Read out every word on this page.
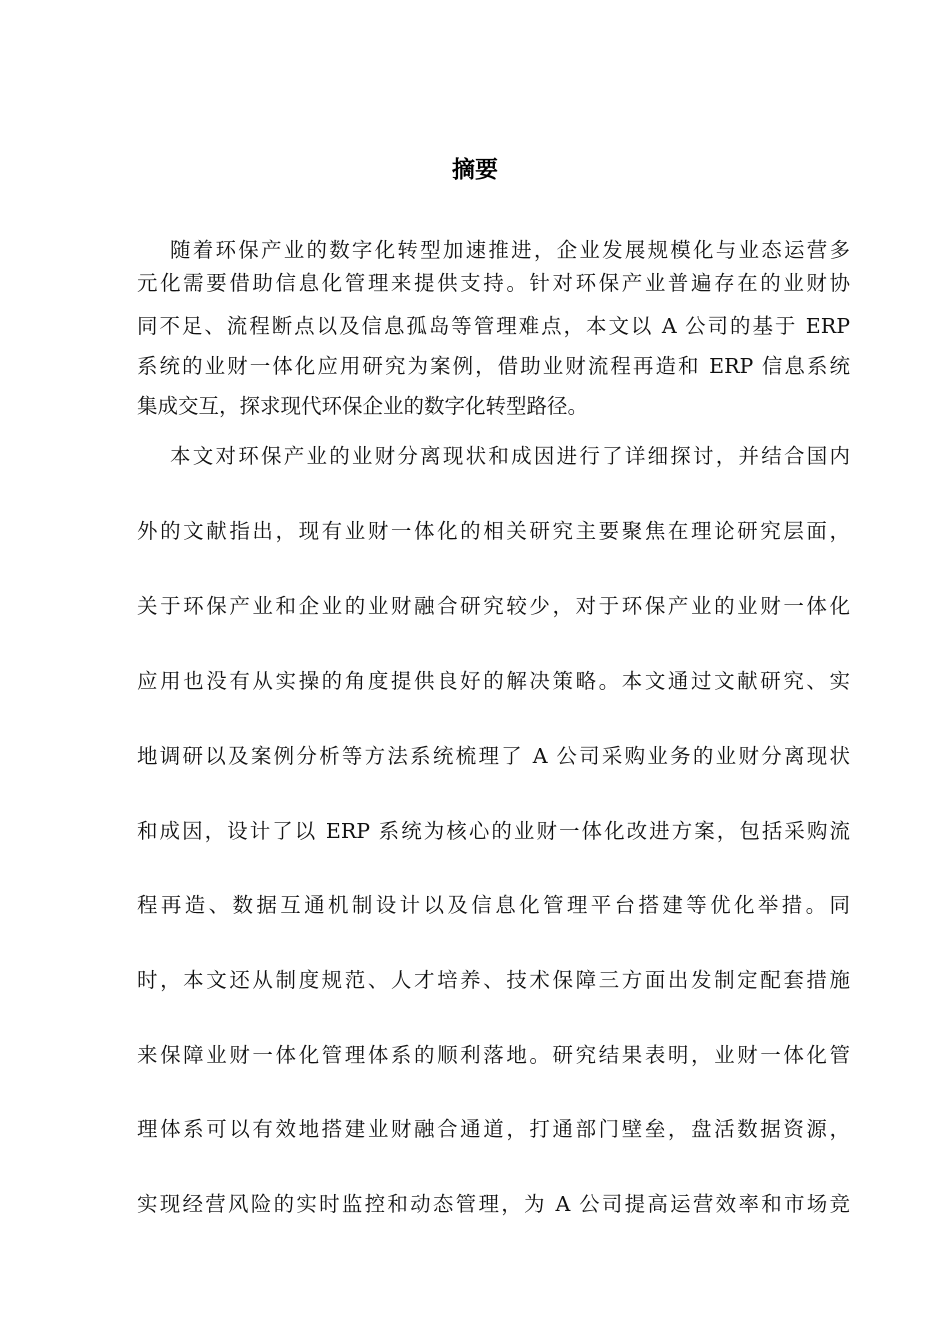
摘要
随着环保产业的数字化转型加速推进，企业发展规模化与业态运营多
元化需要借助信息化管理来提供支持。针对环保产业普遍存在的业财协
同不足、流程断点以及信息孤岛等管理难点，本文以 A 公司的基于 ERP
系统的业财一体化应用研究为案例，借助业财流程再造和 ERP 信息系统
集成交互，探求现代环保企业的数字化转型路径。
本文对环保产业的业财分离现状和成因进行了详细探讨，并结合国内
外的文献指出，现有业财一体化的相关研究主要聚焦在理论研究层面，
关于环保产业和企业的业财融合研究较少，对于环保产业的业财一体化
应用也没有从实操的角度提供良好的解决策略。本文通过文献研究、实
地调研以及案例分析等方法系统梳理了 A 公司采购业务的业财分离现状
和成因，设计了以 ERP 系统为核心的业财一体化改进方案，包括采购流
程再造、数据互通机制设计以及信息化管理平台搭建等优化举措。同
时，本文还从制度规范、人才培养、技术保障三方面出发制定配套措施
来保障业财一体化管理体系的顺利落地。研究结果表明，业财一体化管
理体系可以有效地搭建业财融合通道，打通部门壁垒，盘活数据资源，
实现经营风险的实时监控和动态管理，为 A 公司提高运营效率和市场竞
